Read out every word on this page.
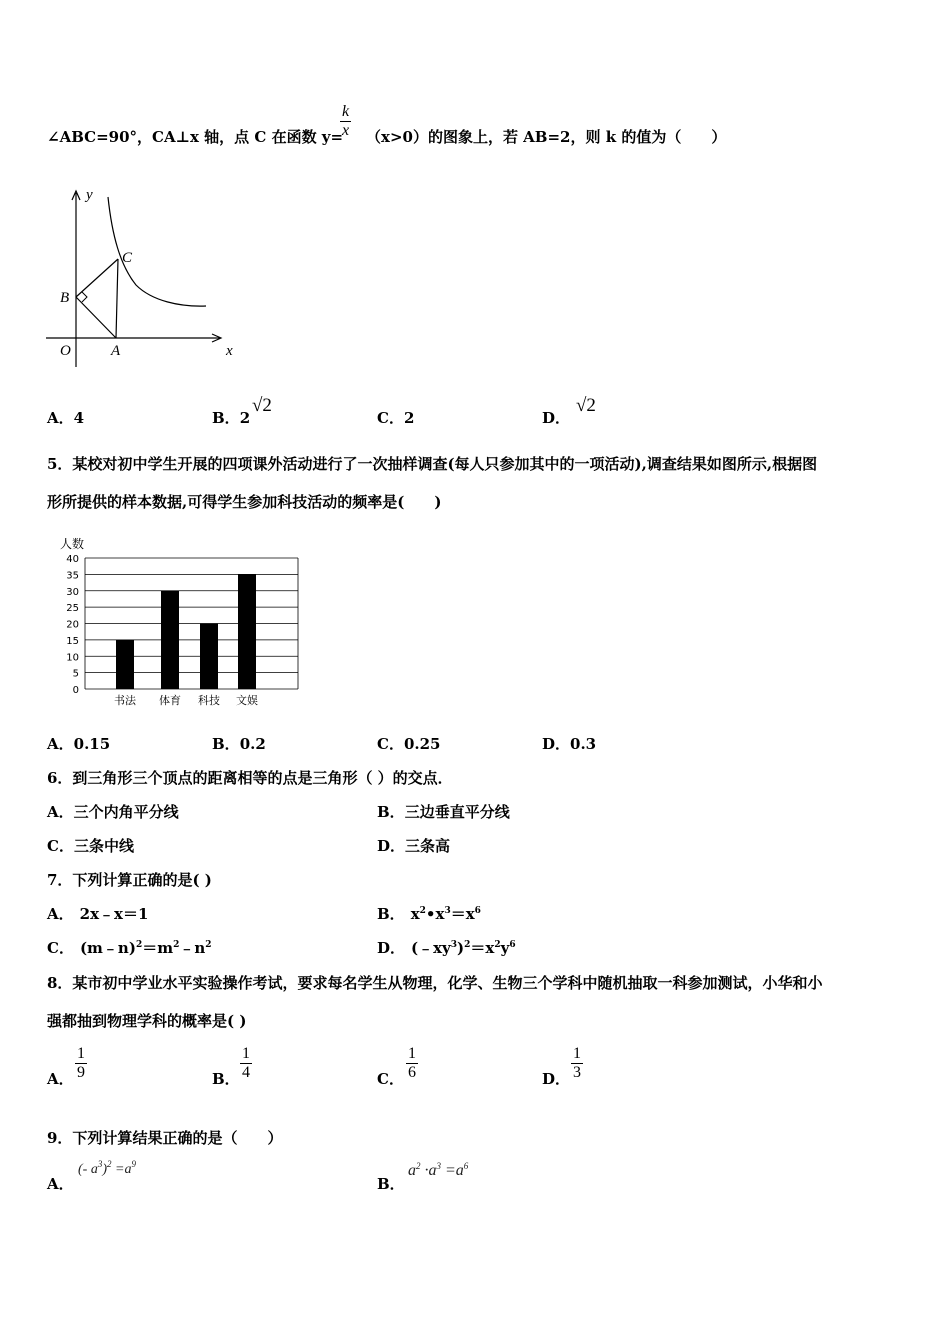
∠ABC=90°，CA⊥x 轴，点 C 在函数 y=
k
x （x>0）的图象上，若 AB=2，则 k 的值为（　　）
y
x
O	A
B
C
A．4	B．2
√2
C．2	D．
√2
5．某校对初中学生开展的四项课外活动进行了一次抽样调查(每人只参加其中的一项活动),调查结果如图所示,根据图
形所提供的样本数据,可得学生参加科技活动的频率是(　　)
人数
0
5
10
15
20
25
30
35
40
书法 体育 科技 文娱
A．0.15	B．0.2	C．0.25	D．0.3
6．到三角形三个顶点的距离相等的点是三角形（ ）的交点．
A．三个内角平分线	B．三边垂直平分线
C．三条中线	D．三条高
7．下列计算正确的是( )
A． 2x﹣x＝1	B． $x^2•x^3=x^6$
C． $(m﹣n)^2=m^2﹣n^2$	D． $(﹣xy^3)^2=x^2y^6$
8．某市初中学业水平实验操作考试，要求每名学生从物理，化学、生物三个学科中随机抽取一科参加测试，小华和小
强都抽到物理学科的概率是( )
A．
1
9	B．
1
4	C．
1
6	D．
1
3
9．下列计算结果正确的是（　　）
A．
(- $a^3)^2 =a^9$
B．
$a^2 \cdot a^3 =a^6$
